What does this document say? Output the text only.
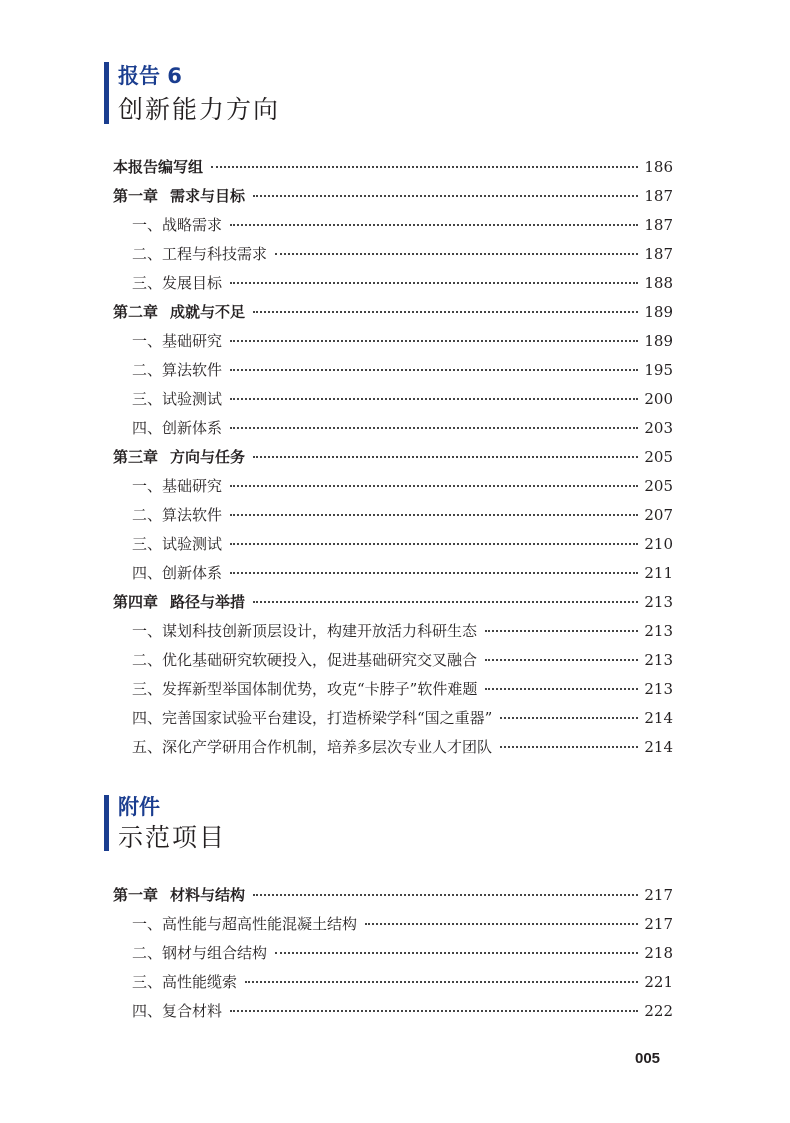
报告 6
创新能力方向
本报告编写组	186
第一章 需求与目标	187
一、战略需求	187
二、工程与科技需求	187
三、发展目标	188
第二章 成就与不足	189
一、基础研究	189
二、算法软件	195
三、试验测试	200
四、创新体系	203
第三章 方向与任务	205
一、基础研究	205
二、算法软件	207
三、试验测试	210
四、创新体系	211
第四章 路径与举措	213
一、谋划科技创新顶层设计，构建开放活力科研生态	213
二、优化基础研究软硬投入，促进基础研究交叉融合	213
三、发挥新型举国体制优势，攻克“卡脖子”软件难题	213
四、完善国家试验平台建设，打造桥梁学科“国之重器”	214
五、深化产学研用合作机制，培养多层次专业人才团队	214
附件
示范项目
第一章 材料与结构	217
一、高性能与超高性能混凝土结构	217
二、钢材与组合结构	218
三、高性能缆索	221
四、复合材料	222
005
